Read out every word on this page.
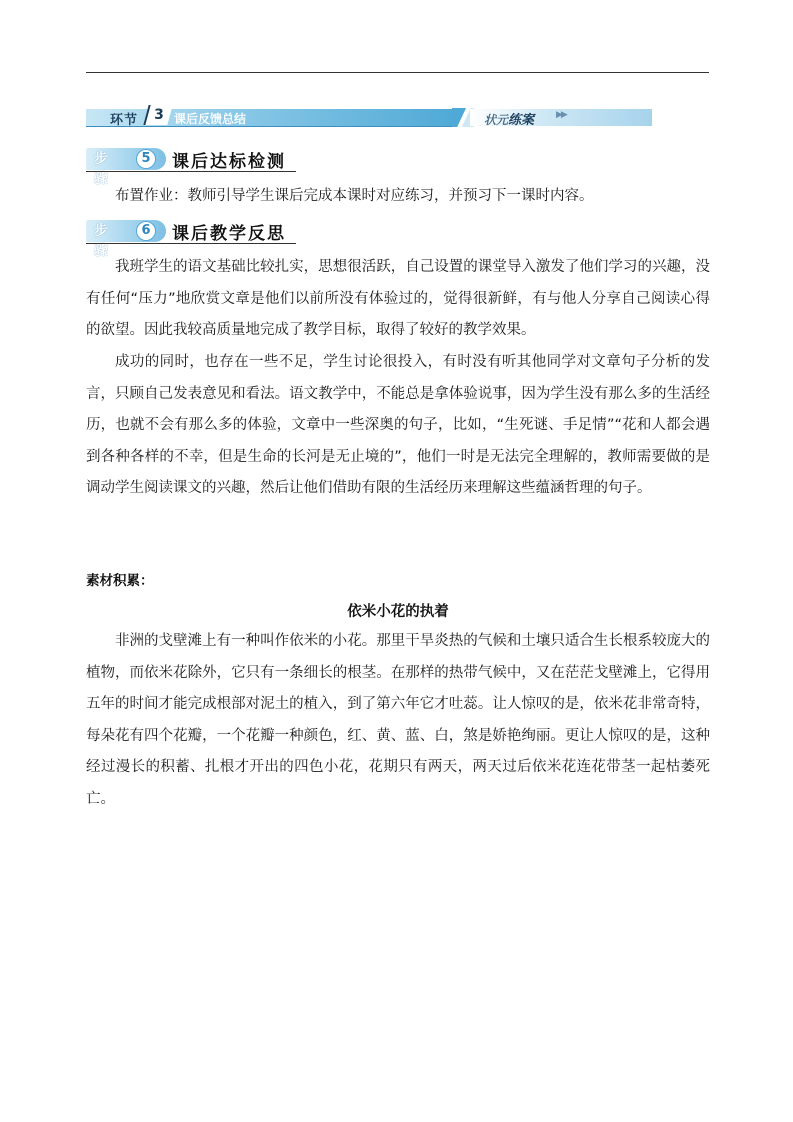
环节	3 课后反馈总结	状元练案 ▶▶
步骤
5	课后达标检测

布置作业：教师引导学生课后完成本课时对应练习，并预习下一课时内容。

步骤
6	课后教学反思

我班学生的语文基础比较扎实，思想很活跃，自己设置的课堂导入激发了他们学习的兴趣，没有任何“压力”地欣赏文章是他们以前所没有体验过的，觉得很新鲜，有与他人分享自己阅读心得的欲望。因此我较高质量地完成了教学目标，取得了较好的教学效果。

成功的同时，也存在一些不足，学生讨论很投入，有时没有听其他同学对文章句子分析的发言，只顾自己发表意见和看法。语文教学中，不能总是拿体验说事，因为学生没有那么多的生活经历，也就不会有那么多的体验，文章中一些深奥的句子，比如，“生死谜、手足情”“花和人都会遇到各种各样的不幸，但是生命的长河是无止境的”，他们一时是无法完全理解的，教师需要做的是调动学生阅读课文的兴趣，然后让他们借助有限的生活经历来理解这些蕴涵哲理的句子。

素材积累：
依米小花的执着

非洲的戈壁滩上有一种叫作依米的小花。那里干旱炎热的气候和土壤只适合生长根系较庞大的植物，而依米花除外，它只有一条细长的根茎。在那样的热带气候中，又在茫茫戈壁滩上，它得用五年的时间才能完成根部对泥土的植入，到了第六年它才吐蕊。让人惊叹的是，依米花非常奇特，每朵花有四个花瓣，一个花瓣一种颜色，红、黄、蓝、白，煞是娇艳绚丽。更让人惊叹的是，这种经过漫长的积蓄、扎根才开出的四色小花，花期只有两天，两天过后依米花连花带茎一起枯萎死亡。
